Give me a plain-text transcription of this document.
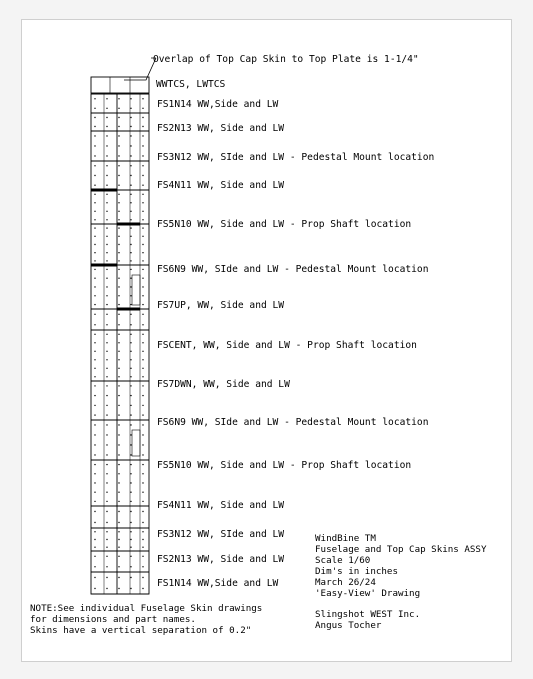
Overlap of Top Cap Skin to Top Plate is 1-1/4"
WWTCS, LWTCS
FS1N14 WW,Side and LW
FS2N13 WW, Side and LW
FS3N12 WW, SIde and LW - Pedestal Mount location
FS4N11 WW, Side and LW
FS5N10 WW, Side and LW - Prop Shaft location
FS6N9 WW, SIde and LW - Pedestal Mount location
FS7UP, WW, Side and LW
FSCENT, WW, Side and LW - Prop Shaft location
FS7DWN, WW, Side and LW
FS6N9 WW, SIde and LW - Pedestal Mount location
FS5N10 WW, Side and LW - Prop Shaft location
FS4N11 WW, Side and LW
FS3N12 WW, SIde and LW
FS2N13 WW, Side and LW
FS1N14 WW,Side and LW
WindBine TM
Fuselage and Top Cap Skins ASSY
Scale 1/60
Dim's in inches
March 26/24
'Easy-View' Drawing
Slingshot WEST Inc.
Angus Tocher
NOTE:See individual Fuselage Skin drawings
for dimensions and part names.
Skins have a vertical separation of 0.2"
